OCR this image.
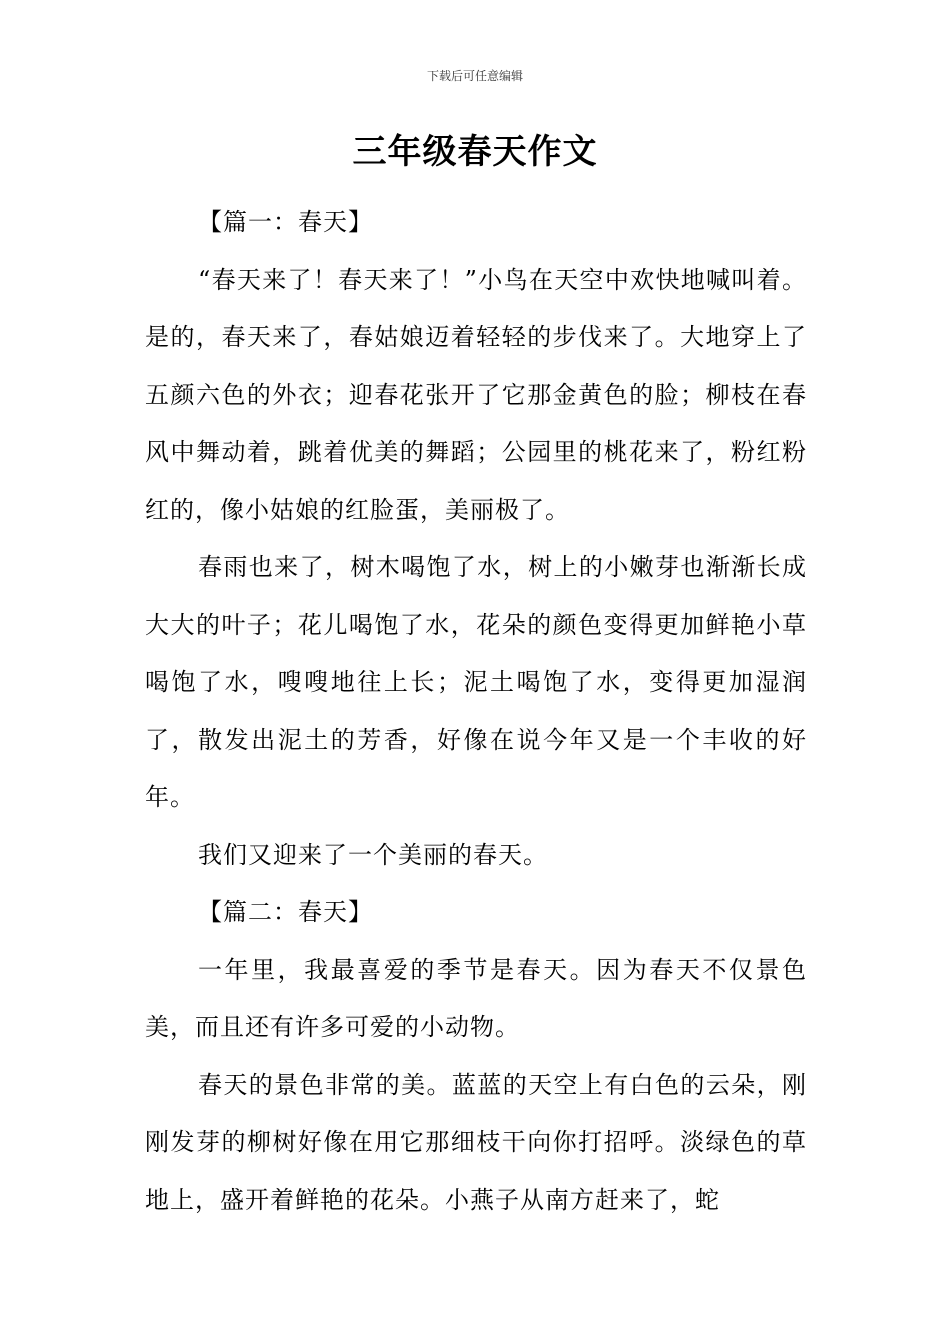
下载后可任意编辑
三年级春天作文

【篇一：春天】

“春天来了！春天来了！”小鸟在天空中欢快地喊叫着。是的，春天来了，春姑娘迈着轻轻的步伐来了。大地穿上了五颜六色的外衣；迎春花张开了它那金黄色的脸；柳枝在春风中舞动着，跳着优美的舞蹈；公园里的桃花来了，粉红粉红的，像小姑娘的红脸蛋，美丽极了。

春雨也来了，树木喝饱了水，树上的小嫩芽也渐渐长成大大的叶子；花儿喝饱了水，花朵的颜色变得更加鲜艳小草喝饱了水，嗖嗖地往上长；泥土喝饱了水，变得更加湿润了，散发出泥土的芳香，好像在说今年又是一个丰收的好年。

我们又迎来了一个美丽的春天。

【篇二：春天】

一年里，我最喜爱的季节是春天。因为春天不仅景色美，而且还有许多可爱的小动物。

春天的景色非常的美。蓝蓝的天空上有白色的云朵，刚刚发芽的柳树好像在用它那细枝干向你打招呼。淡绿色的草地上，盛开着鲜艳的花朵。小燕子从南方赶来了，蛇
